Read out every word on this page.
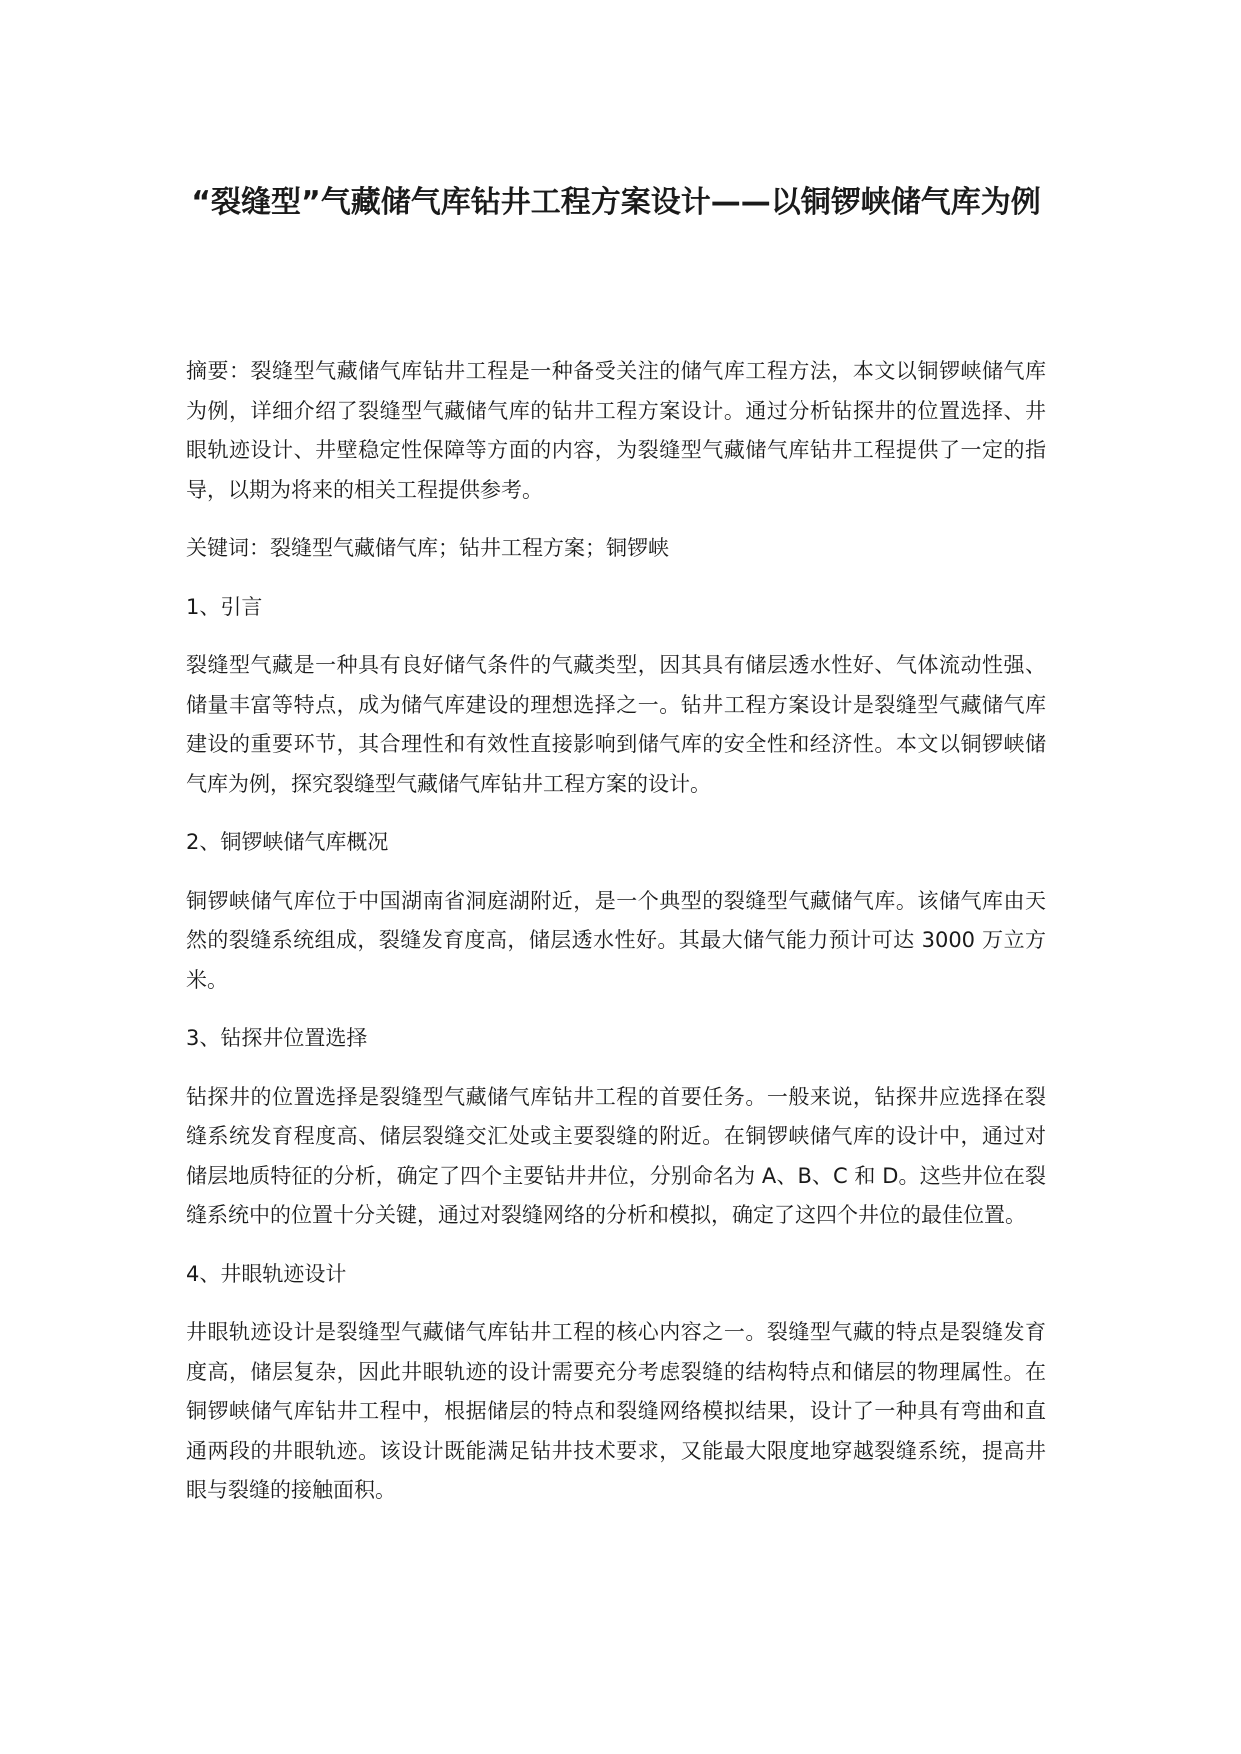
“裂缝型”气藏储气库钻井工程方案设计——以铜锣峡储气库为例

摘要：裂缝型气藏储气库钻井工程是一种备受关注的储气库工程方法，本文以铜锣峡储气库为例，详细介绍了裂缝型气藏储气库的钻井工程方案设计。通过分析钻探井的位置选择、井眼轨迹设计、井壁稳定性保障等方面的内容，为裂缝型气藏储气库钻井工程提供了一定的指导，以期为将来的相关工程提供参考。

关键词：裂缝型气藏储气库；钻井工程方案；铜锣峡

1、引言

裂缝型气藏是一种具有良好储气条件的气藏类型，因其具有储层透水性好、气体流动性强、储量丰富等特点，成为储气库建设的理想选择之一。钻井工程方案设计是裂缝型气藏储气库建设的重要环节，其合理性和有效性直接影响到储气库的安全性和经济性。本文以铜锣峡储气库为例，探究裂缝型气藏储气库钻井工程方案的设计。

2、铜锣峡储气库概况

铜锣峡储气库位于中国湖南省洞庭湖附近，是一个典型的裂缝型气藏储气库。该储气库由天然的裂缝系统组成，裂缝发育度高，储层透水性好。其最大储气能力预计可达 3000 万立方米。

3、钻探井位置选择

钻探井的位置选择是裂缝型气藏储气库钻井工程的首要任务。一般来说，钻探井应选择在裂缝系统发育程度高、储层裂缝交汇处或主要裂缝的附近。在铜锣峡储气库的设计中，通过对储层地质特征的分析，确定了四个主要钻井井位，分别命名为 A、B、C 和 D。这些井位在裂缝系统中的位置十分关键，通过对裂缝网络的分析和模拟，确定了这四个井位的最佳位置。

4、井眼轨迹设计

井眼轨迹设计是裂缝型气藏储气库钻井工程的核心内容之一。裂缝型气藏的特点是裂缝发育度高，储层复杂，因此井眼轨迹的设计需要充分考虑裂缝的结构特点和储层的物理属性。在铜锣峡储气库钻井工程中，根据储层的特点和裂缝网络模拟结果，设计了一种具有弯曲和直通两段的井眼轨迹。该设计既能满足钻井技术要求，又能最大限度地穿越裂缝系统，提高井眼与裂缝的接触面积。
